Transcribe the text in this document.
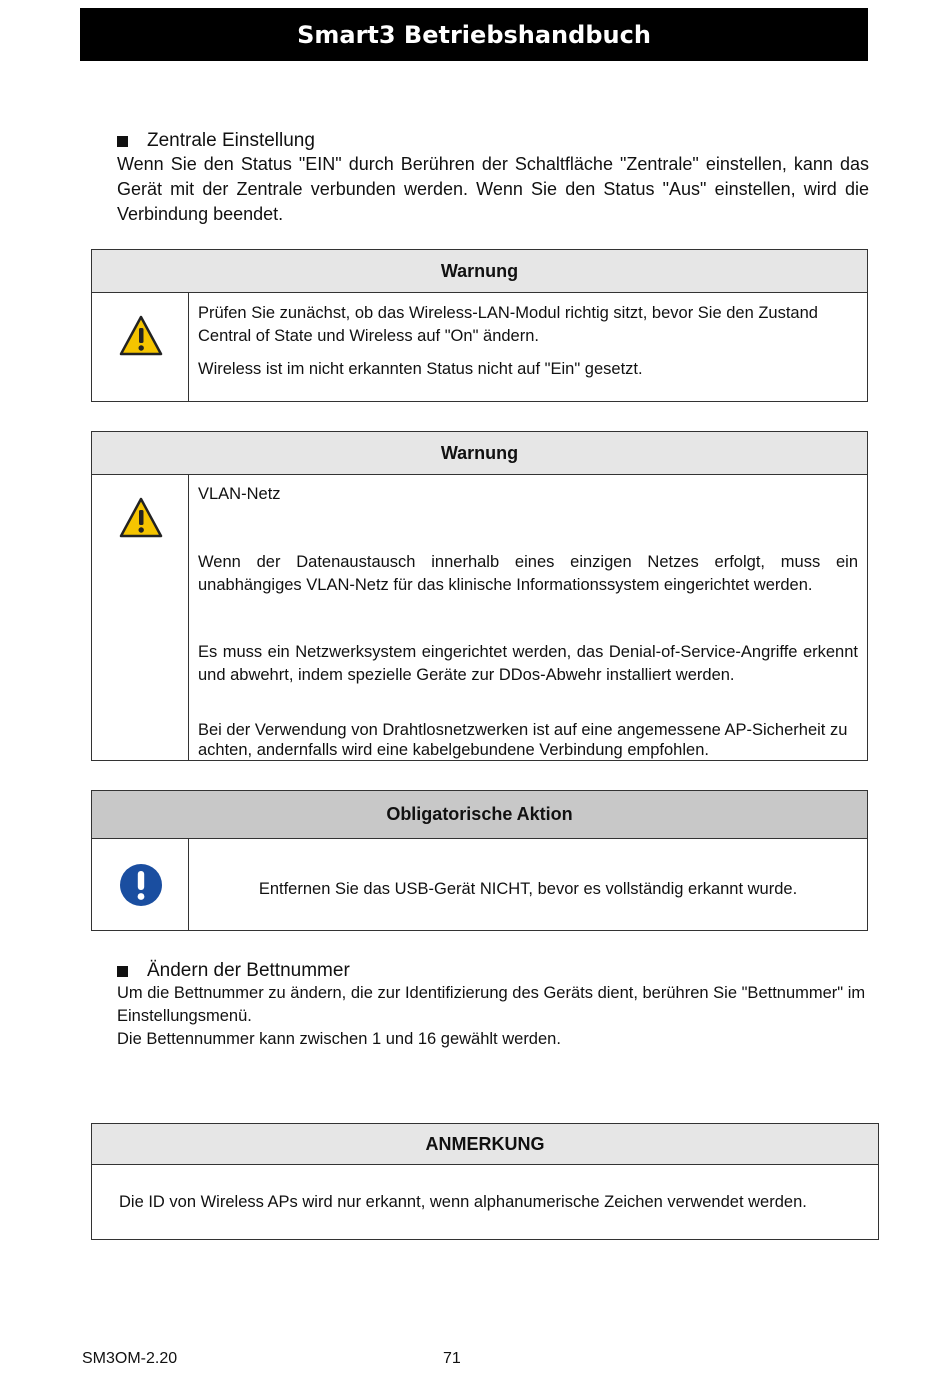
Smart3 Betriebshandbuch
Zentrale Einstellung
Wenn Sie den Status "EIN" durch Berühren der Schaltfläche "Zentrale" einstellen, kann das Gerät mit der Zentrale verbunden werden. Wenn Sie den Status "Aus" einstellen, wird die Verbindung beendet.
Warnung
Prüfen Sie zunächst, ob das Wireless-LAN-Modul richtig sitzt, bevor Sie den Zustand Central of State und Wireless auf "On" ändern.
Wireless ist im nicht erkannten Status nicht auf "Ein" gesetzt.
Warnung
VLAN-Netz
Wenn der Datenaustausch innerhalb eines einzigen Netzes erfolgt, muss ein unabhängiges VLAN-Netz für das klinische Informationssystem eingerichtet werden.
Es muss ein Netzwerksystem eingerichtet werden, das Denial-of-Service-Angriffe erkennt und abwehrt, indem spezielle Geräte zur DDos-Abwehr installiert werden.
Bei der Verwendung von Drahtlosnetzwerken ist auf eine angemessene AP-Sicherheit zu achten, andernfalls wird eine kabelgebundene Verbindung empfohlen.
Obligatorische Aktion
Entfernen Sie das USB-Gerät NICHT, bevor es vollständig erkannt wurde.
Ändern der Bettnummer
Um die Bettnummer zu ändern, die zur Identifizierung des Geräts dient, berühren Sie "Bettnummer" im Einstellungsmenü.
Die Bettennummer kann zwischen 1 und 16 gewählt werden.
ANMERKUNG
Die ID von Wireless APs wird nur erkannt, wenn alphanumerische Zeichen verwendet werden.
SM3OM-2.20	71
